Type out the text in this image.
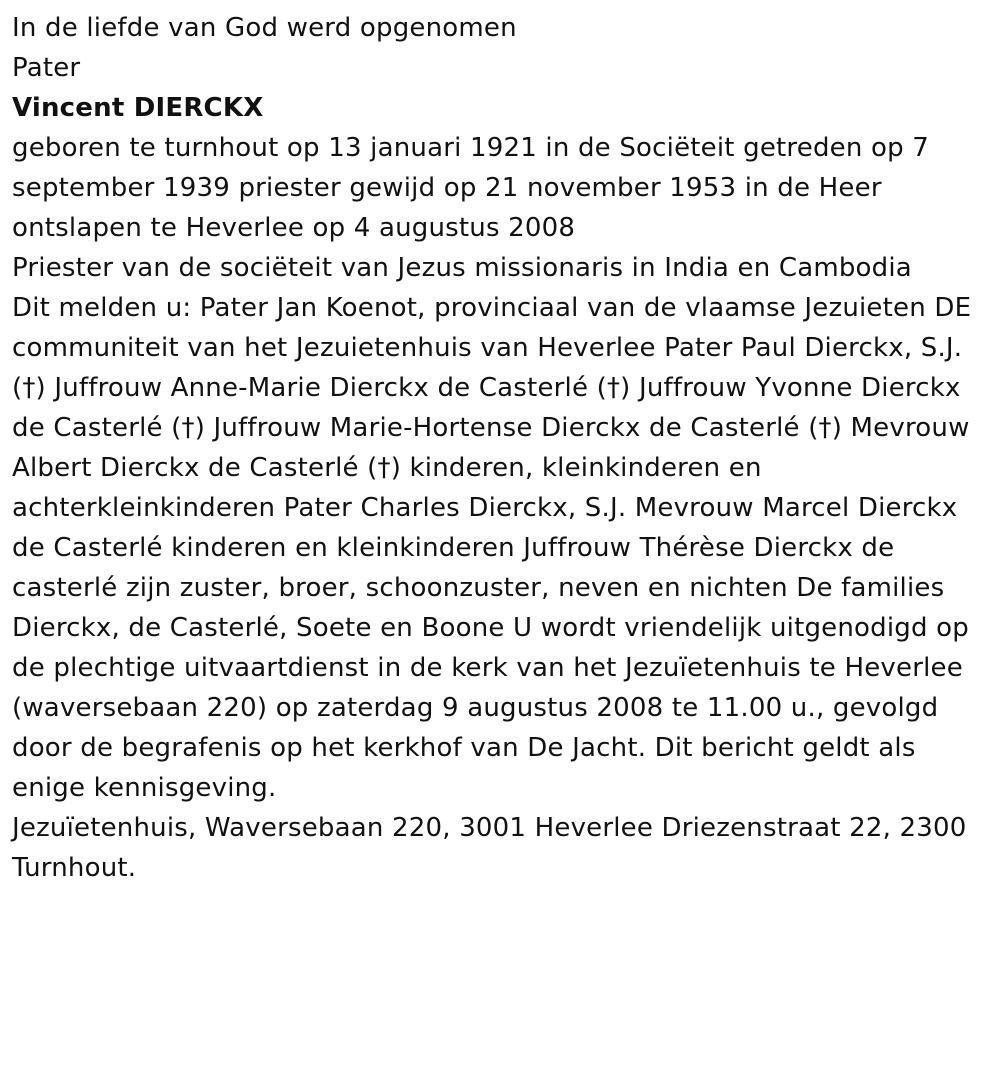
In de liefde van God werd opgenomen

Pater

Vincent DIERCKX

geboren te turnhout op 13 januari 1921 in de Sociëteit getreden op 7 september 1939 priester gewijd op 21 november 1953 in de Heer ontslapen te Heverlee op 4 augustus 2008

Priester van de sociëteit van Jezus missionaris in India en Cambodia

Dit melden u: Pater Jan Koenot, provinciaal van de vlaamse Jezuieten DE communiteit van het Jezuietenhuis van Heverlee Pater Paul Dierckx, S.J. (†) Juffrouw Anne-Marie Dierckx de Casterlé (†) Juffrouw Yvonne Dierckx de Casterlé (†) Juffrouw Marie-Hortense Dierckx de Casterlé (†) Mevrouw Albert Dierckx de Casterlé (†) kinderen, kleinkinderen en achterkleinkinderen Pater Charles Dierckx, S.J. Mevrouw Marcel Dierckx de Casterlé kinderen en kleinkinderen Juffrouw Thérèse Dierckx de casterlé zijn zuster, broer, schoonzuster, neven en nichten De families Dierckx, de Casterlé, Soete en Boone U wordt vriendelijk uitgenodigd op de plechtige uitvaartdienst in de kerk van het Jezuïetenhuis te Heverlee (waversebaan 220) op zaterdag 9 augustus 2008 te 11.00 u., gevolgd door de begrafenis op het kerkhof van De Jacht. Dit bericht geldt als enige kennisgeving.

Jezuïetenhuis, Waversebaan 220, 3001 Heverlee Driezenstraat 22, 2300 Turnhout.
